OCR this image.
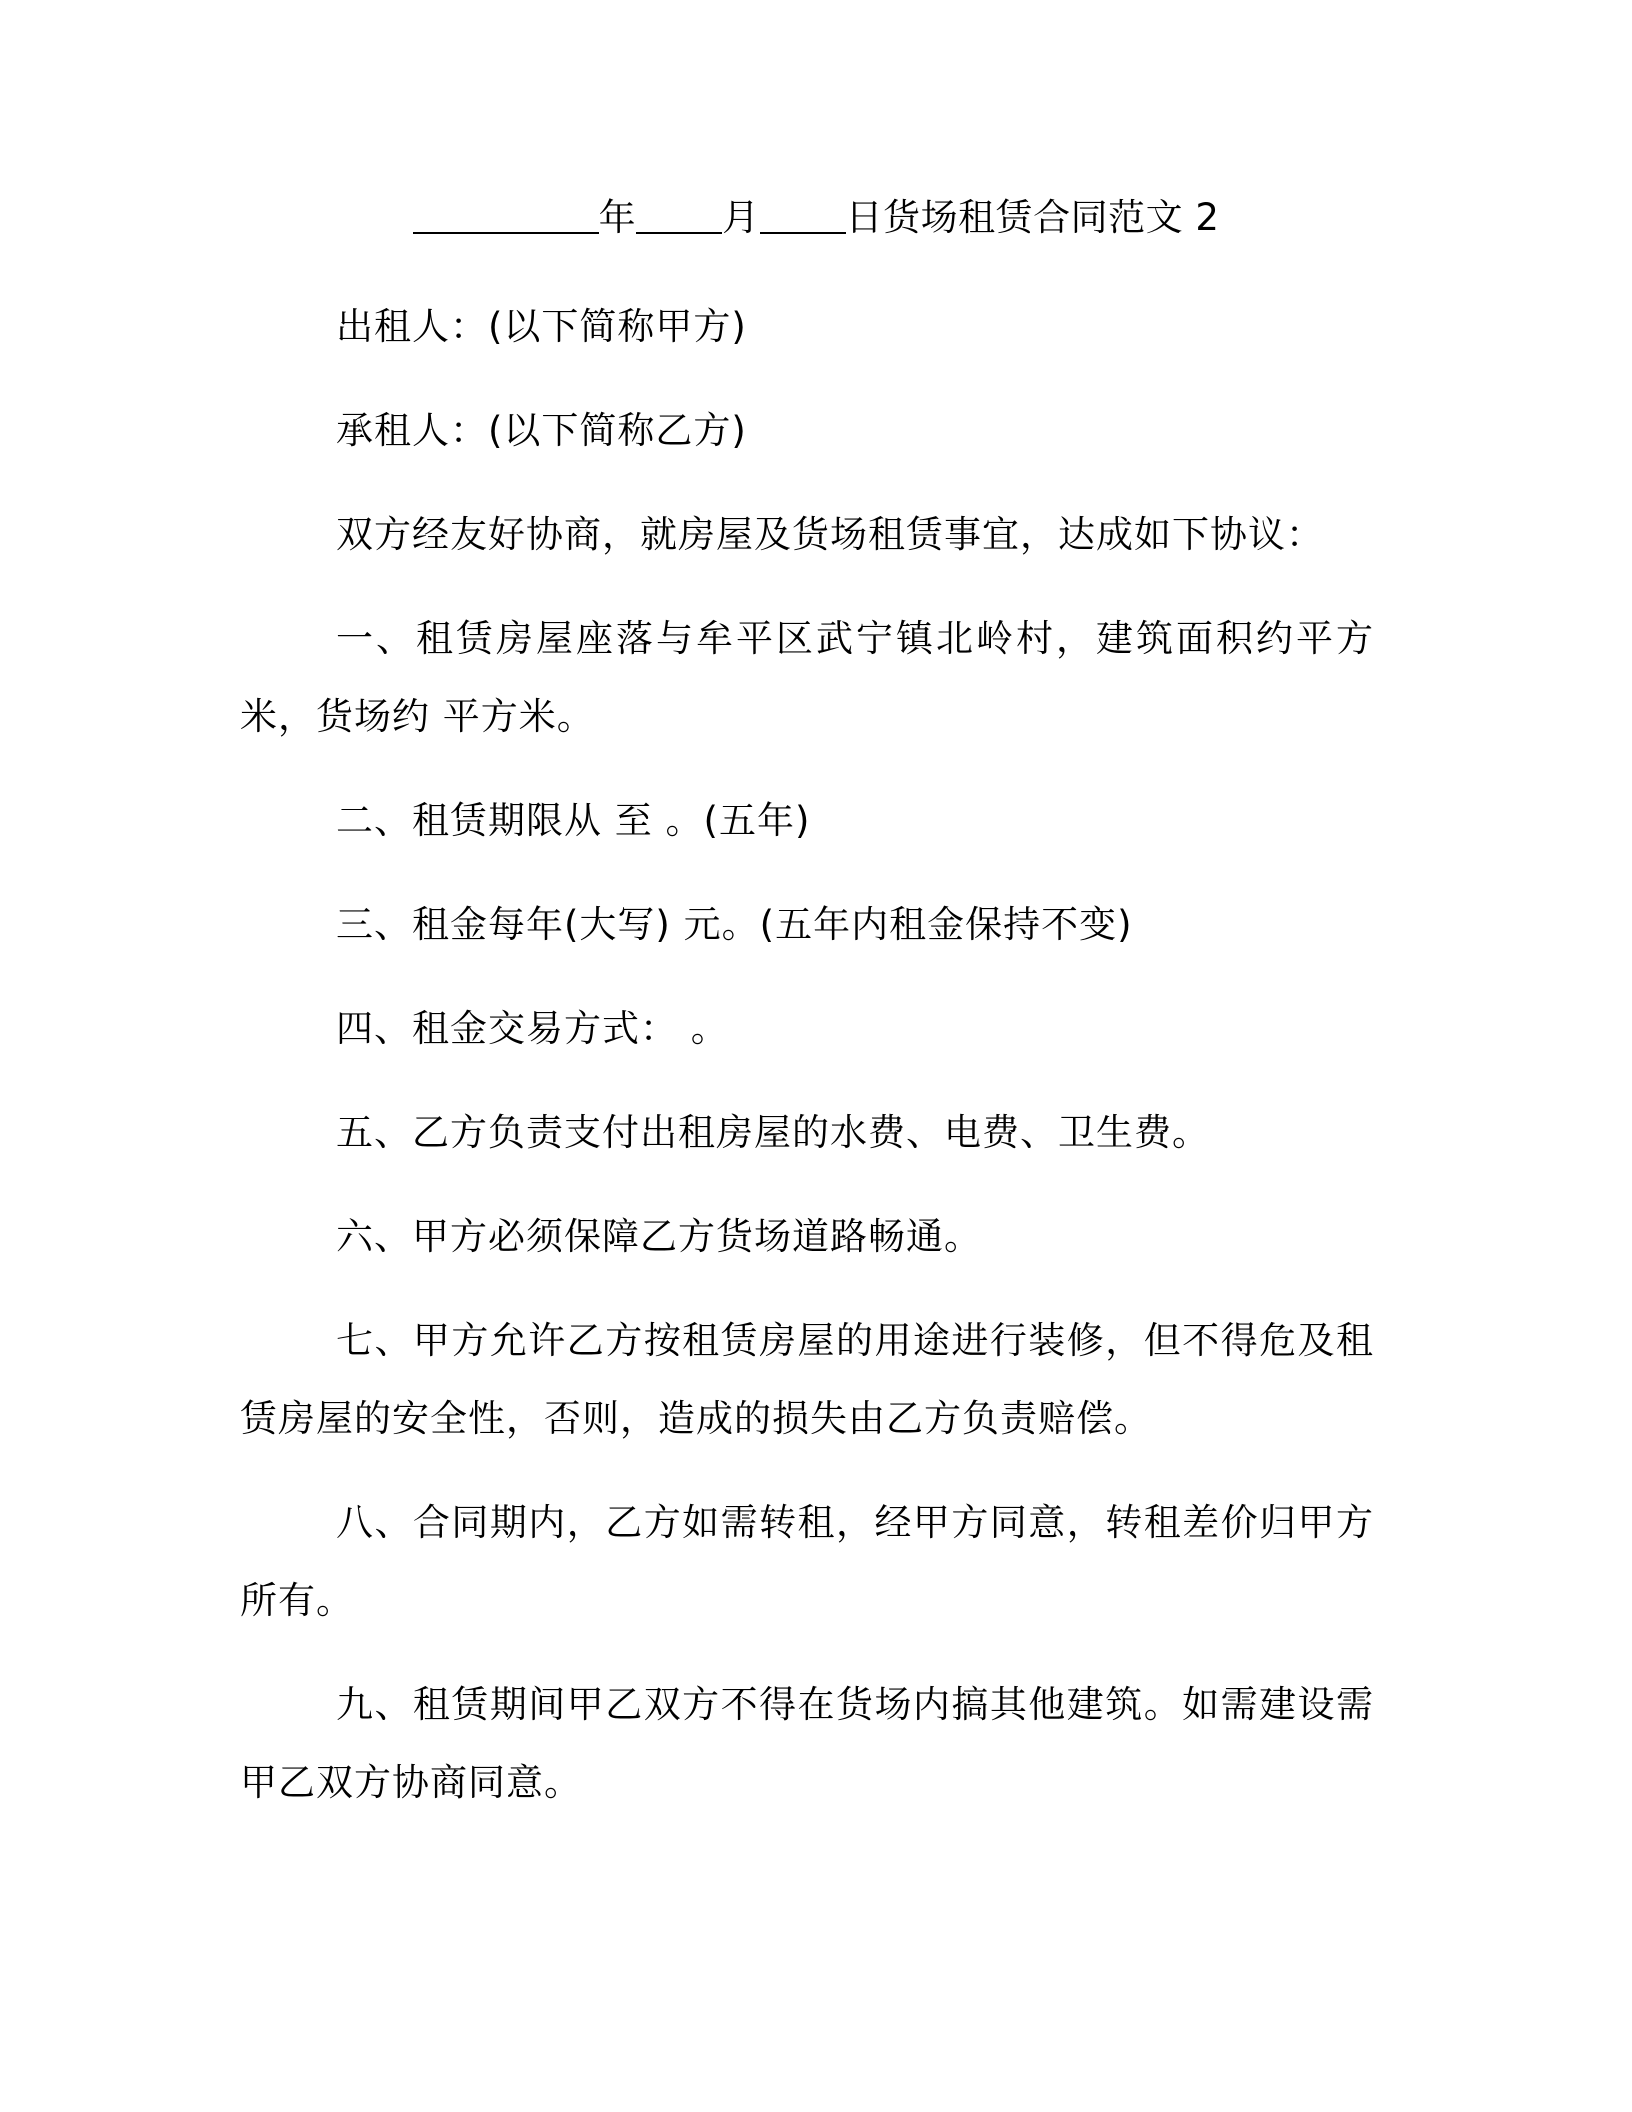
年 月 日货场租赁合同范文 2

出租人：(以下简称甲方)

承租人：(以下简称乙方)

双方经友好协商，就房屋及货场租赁事宜，达成如下协议：

一、租赁房屋座落与牟平区武宁镇北岭村，建筑面积约平方米，货场约 平方米。

二、租赁期限从 至 。(五年)

三、租金每年(大写) 元。(五年内租金保持不变)

四、租金交易方式： 。

五、乙方负责支付出租房屋的水费、电费、卫生费。

六、甲方必须保障乙方货场道路畅通。

七、甲方允许乙方按租赁房屋的用途进行装修，但不得危及租赁房屋的安全性，否则，造成的损失由乙方负责赔偿。

八、合同期内，乙方如需转租，经甲方同意，转租差价归甲方所有。

九、租赁期间甲乙双方不得在货场内搞其他建筑。如需建设需甲乙双方协商同意。
